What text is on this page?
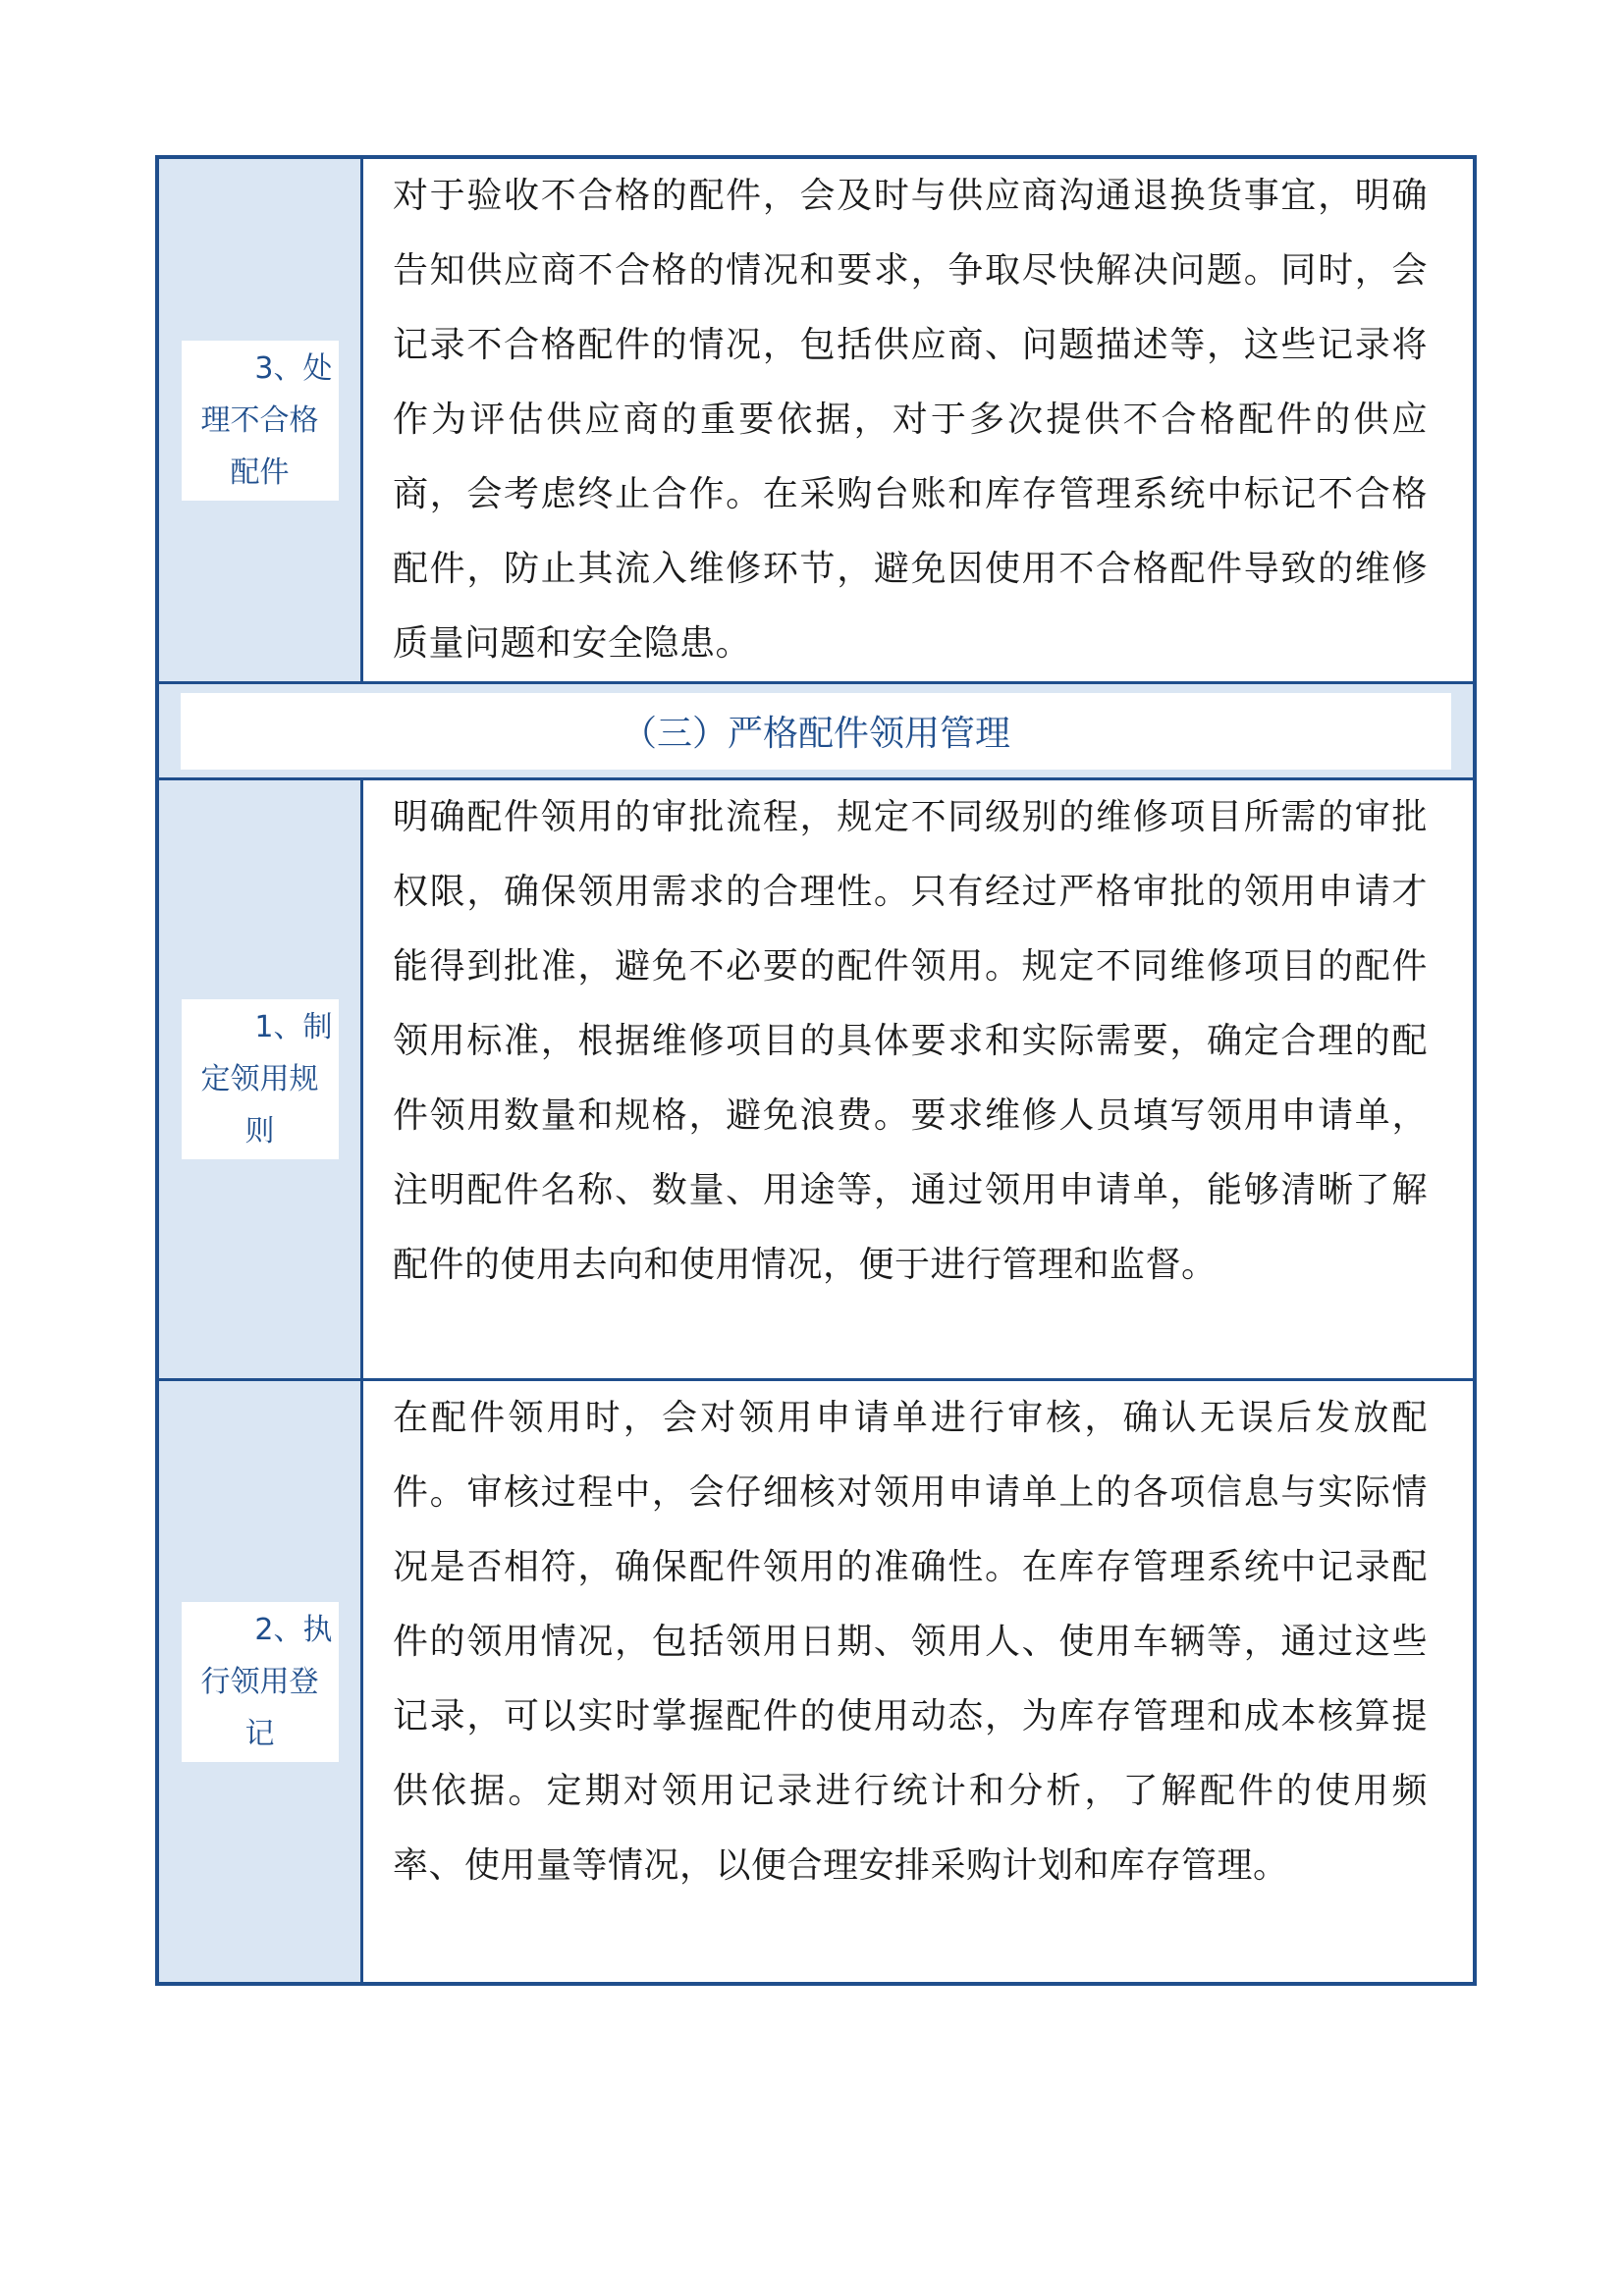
3、处
理不合格配件
对于验收不合格的配件，会及时与供应商沟通退换货事宜，明确告知供应商不合格的情况和要求，争取尽快解决问题。同时，会记录不合格配件的情况，包括供应商、问题描述等，这些记录将作为评估供应商的重要依据，对于多次提供不合格配件的供应商，会考虑终止合作。在采购台账和库存管理系统中标记不合格配件，防止其流入维修环节，避免因使用不合格配件导致的维修质量问题和安全隐患。
（三）严格配件领用管理
1、制
定领用规则
明确配件领用的审批流程，规定不同级别的维修项目所需的审批权限，确保领用需求的合理性。只有经过严格审批的领用申请才能得到批准，避免不必要的配件领用。规定不同维修项目的配件领用标准，根据维修项目的具体要求和实际需要，确定合理的配件领用数量和规格，避免浪费。要求维修人员填写领用申请单，注明配件名称、数量、用途等，通过领用申请单，能够清晰了解配件的使用去向和使用情况，便于进行管理和监督。
2、执
行领用登记
在配件领用时，会对领用申请单进行审核，确认无误后发放配件。审核过程中，会仔细核对领用申请单上的各项信息与实际情况是否相符，确保配件领用的准确性。在库存管理系统中记录配件的领用情况，包括领用日期、领用人、使用车辆等，通过这些记录，可以实时掌握配件的使用动态，为库存管理和成本核算提供依据。定期对领用记录进行统计和分析，了解配件的使用频率、使用量等情况，以便合理安排采购计划和库存管理。
